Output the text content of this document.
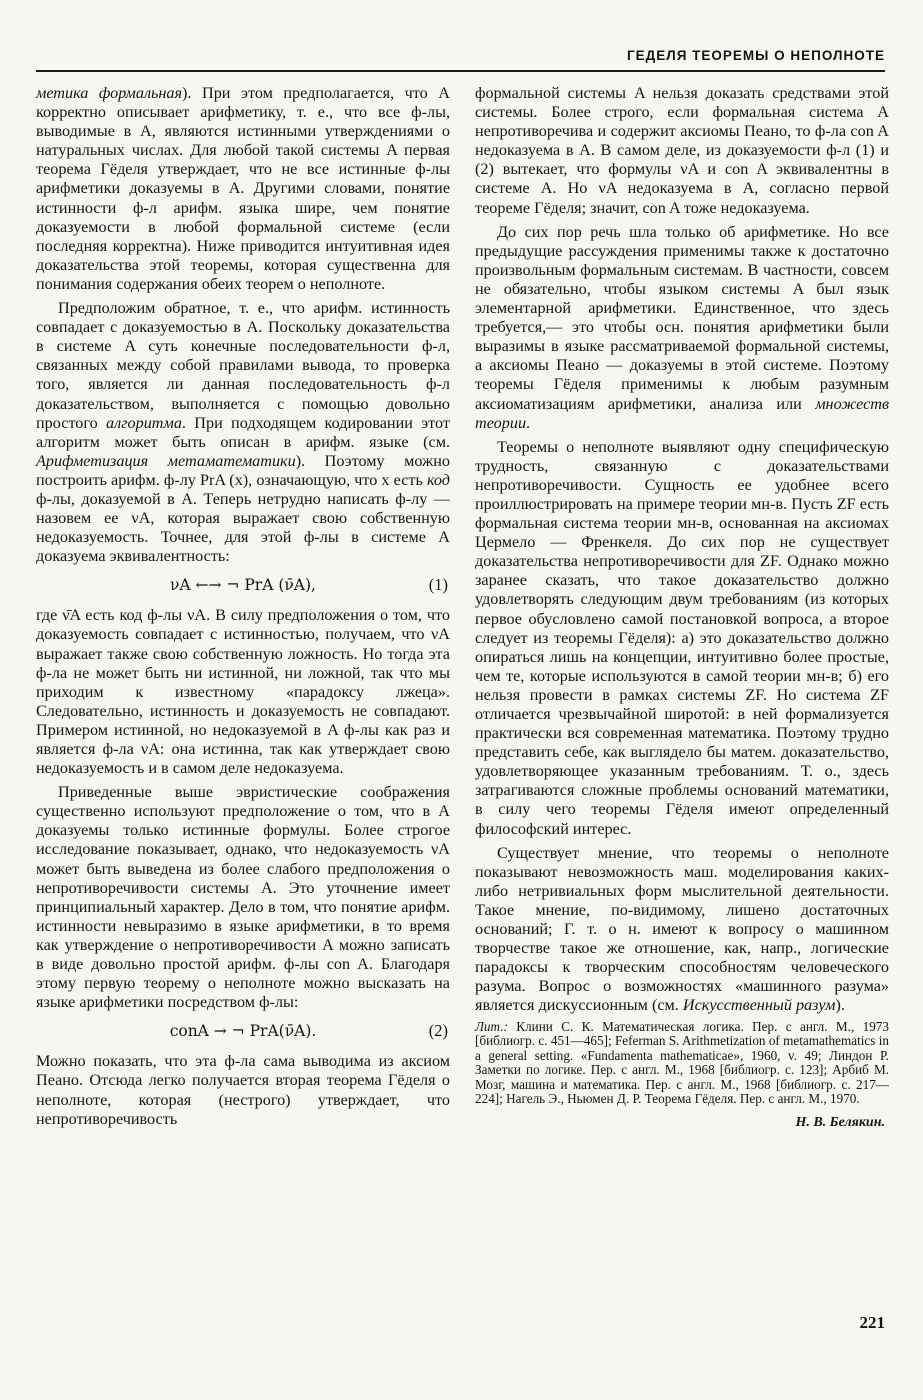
ГЕДЕЛЯ ТЕОРЕМЫ О НЕПОЛНОТЕ

метика формальная). При этом предполагается, что A корректно описывает арифметику, т. е., что все ф-лы, выводимые в A, являются истинными утверждениями о натуральных числах. Для любой такой системы A первая теорема Гёделя утверждает, что не все истинные ф-лы арифметики доказуемы в A. Другими словами, понятие истинности ф-л арифм. языка шире, чем понятие доказуемости в любой формальной системе (если последняя корректна). Ниже приводится интуитивная идея доказательства этой теоремы, которая существенна для понимания содержания обеих теорем о неполноте.

Предположим обратное, т. е., что арифм. истинность совпадает с доказуемостью в A. Поскольку доказательства в системе A суть конечные последовательности ф-л, связанных между собой правилами вывода, то проверка того, является ли данная последовательность ф-л доказательством, выполняется с помощью довольно простого алгоритма. При подходящем кодировании этот алгоритм может быть описан в арифм. языке (см. Арифметизация метаматематики). Поэтому можно построить арифм. ф-лу PrA (x), означающую, что x есть код ф-лы, доказуемой в A. Теперь нетрудно написать ф-лу — назовем ее νA, которая выражает свою собственную недоказуемость. Точнее, для этой ф-лы в системе A доказуема эквивалентность:

νA ←→ ¬ PrA (ν̄A),	(1)

где ν̄A есть код ф-лы νA. В силу предположения о том, что доказуемость совпадает с истинностью, получаем, что νA выражает также свою собственную ложность. Но тогда эта ф-ла не может быть ни истинной, ни ложной, так что мы приходим к известному «парадоксу лжеца». Следовательно, истинность и доказуемость не совпадают. Примером истинной, но недоказуемой в A ф-лы как раз и является ф-ла νA: она истинна, так как утверждает свою недоказуемость и в самом деле недоказуема.

Приведенные выше эвристические соображения существенно используют предположение о том, что в A доказуемы только истинные формулы. Более строгое исследование показывает, однако, что недоказуемость νA может быть выведена из более слабого предположения о непротиворечивости системы A. Это уточнение имеет принципиальный характер. Дело в том, что понятие арифм. истинности невыразимо в языке арифметики, в то время как утверждение о непротиворечивости A можно записать в виде довольно простой арифм. ф-лы con A. Благодаря этому первую теорему о неполноте можно высказать на языке арифметики посредством ф-лы:

conA → ¬ PrA(ν̄A).	(2)

Можно показать, что эта ф-ла сама выводима из аксиом Пеано. Отсюда легко получается вторая теорема Гёделя о неполноте, которая (нестрого) утверждает, что непротиворечивость

формальной системы A нельзя доказать средствами этой системы. Более строго, если формальная система A непротиворечива и содержит аксиомы Пеано, то ф-ла con A недоказуема в A. В самом деле, из доказуемости ф-л (1) и (2) вытекает, что формулы νA и con A эквивалентны в системе A. Но νA недоказуема в A, согласно первой теореме Гёделя; значит, con A тоже недоказуема.

До сих пор речь шла только об арифметике. Но все предыдущие рассуждения применимы также к достаточно произвольным формальным системам. В частности, совсем не обязательно, чтобы языком системы A был язык элементарной арифметики. Единственное, что здесь требуется,— это чтобы осн. понятия арифметики были выразимы в языке рассматриваемой формальной системы, а аксиомы Пеано — доказуемы в этой системе. Поэтому теоремы Гёделя применимы к любым разумным аксиоматизациям арифметики, анализа или множеств теории.

Теоремы о неполноте выявляют одну специфическую трудность, связанную с доказательствами непротиворечивости. Сущность ее удобнее всего проиллюстрировать на примере теории мн-в. Пусть ZF есть формальная система теории мн-в, основанная на аксиомах Цермело — Френкеля. До сих пор не существует доказательства непротиворечивости для ZF. Однако можно заранее сказать, что такое доказательство должно удовлетворять следующим двум требованиям (из которых первое обусловлено самой постановкой вопроса, а второе следует из теоремы Гёделя): а) это доказательство должно опираться лишь на концепции, интуитивно более простые, чем те, которые используются в самой теории мн-в; б) его нельзя провести в рамках системы ZF. Но система ZF отличается чрезвычайной широтой: в ней формализуется практически вся современная математика. Поэтому трудно представить себе, как выглядело бы матем. доказательство, удовлетворяющее указанным требованиям. Т. о., здесь затрагиваются сложные проблемы оснований математики, в силу чего теоремы Гёделя имеют определенный философский интерес.

Существует мнение, что теоремы о неполноте показывают невозможность маш. моделирования каких-либо нетривиальных форм мыслительной деятельности. Такое мнение, по-видимому, лишено достаточных оснований; Г. т. о н. имеют к вопросу о машинном творчестве такое же отношение, как, напр., логические парадоксы к творческим способностям человеческого разума. Вопрос о возможностях «машинного разума» является дискуссионным (см. Искусственный разум).

Лит.: Клини С. К. Математическая логика. Пер. с англ. М., 1973 [библиогр. с. 451—465]; Feferman S. Arithmetization of metamathematics in a general setting. «Fundamenta mathematicae», 1960, v. 49; Линдон Р. Заметки по логике. Пер. с англ. М., 1968 [библиогр. с. 123]; Арбиб М. Мозг, машина и математика. Пер. с англ. М., 1968 [библиогр. с. 217—224]; Нагель Э., Ньюмен Д. Р. Теорема Гёделя. Пер. с англ. М., 1970.

Н. В. Белякин.
221
